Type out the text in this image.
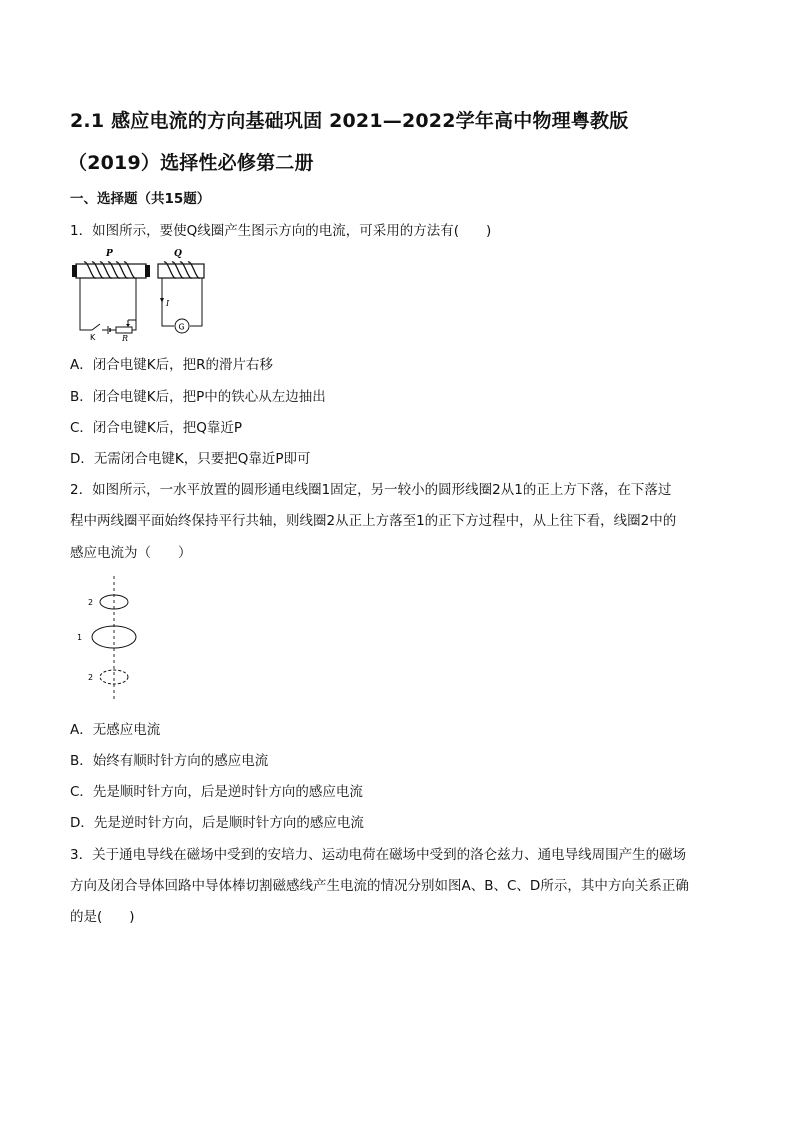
2.1 感应电流的方向基础巩固 2021—2022学年高中物理粤教版
（2019）选择性必修第二册
一、选择题（共15题）
1．如图所示，要使Q线圈产生图示方向的电流，可采用的方法有(　　)
P
K	R
Q
I
G
A．闭合电键K后，把R的滑片右移
B．闭合电键K后，把P中的铁心从左边抽出
C．闭合电键K后，把Q靠近P
D．无需闭合电键K，只要把Q靠近P即可
2．如图所示，一水平放置的圆形通电线圈1固定，另一较小的圆形线圈2从1的正上方下落，在下落过
程中两线圈平面始终保持平行共轴，则线圈2从正上方落至1的正下方过程中，从上往下看，线圈2中的
感应电流为（　　）
2
1
2
A．无感应电流
B．始终有顺时针方向的感应电流
C．先是顺时针方向，后是逆时针方向的感应电流
D．先是逆时针方向，后是顺时针方向的感应电流
3．关于通电导线在磁场中受到的安培力、运动电荷在磁场中受到的洛仑兹力、通电导线周围产生的磁场
方向及闭合导体回路中导体棒切割磁感线产生电流的情况分别如图A、B、C、D所示，其中方向关系正确
的是(　　)
